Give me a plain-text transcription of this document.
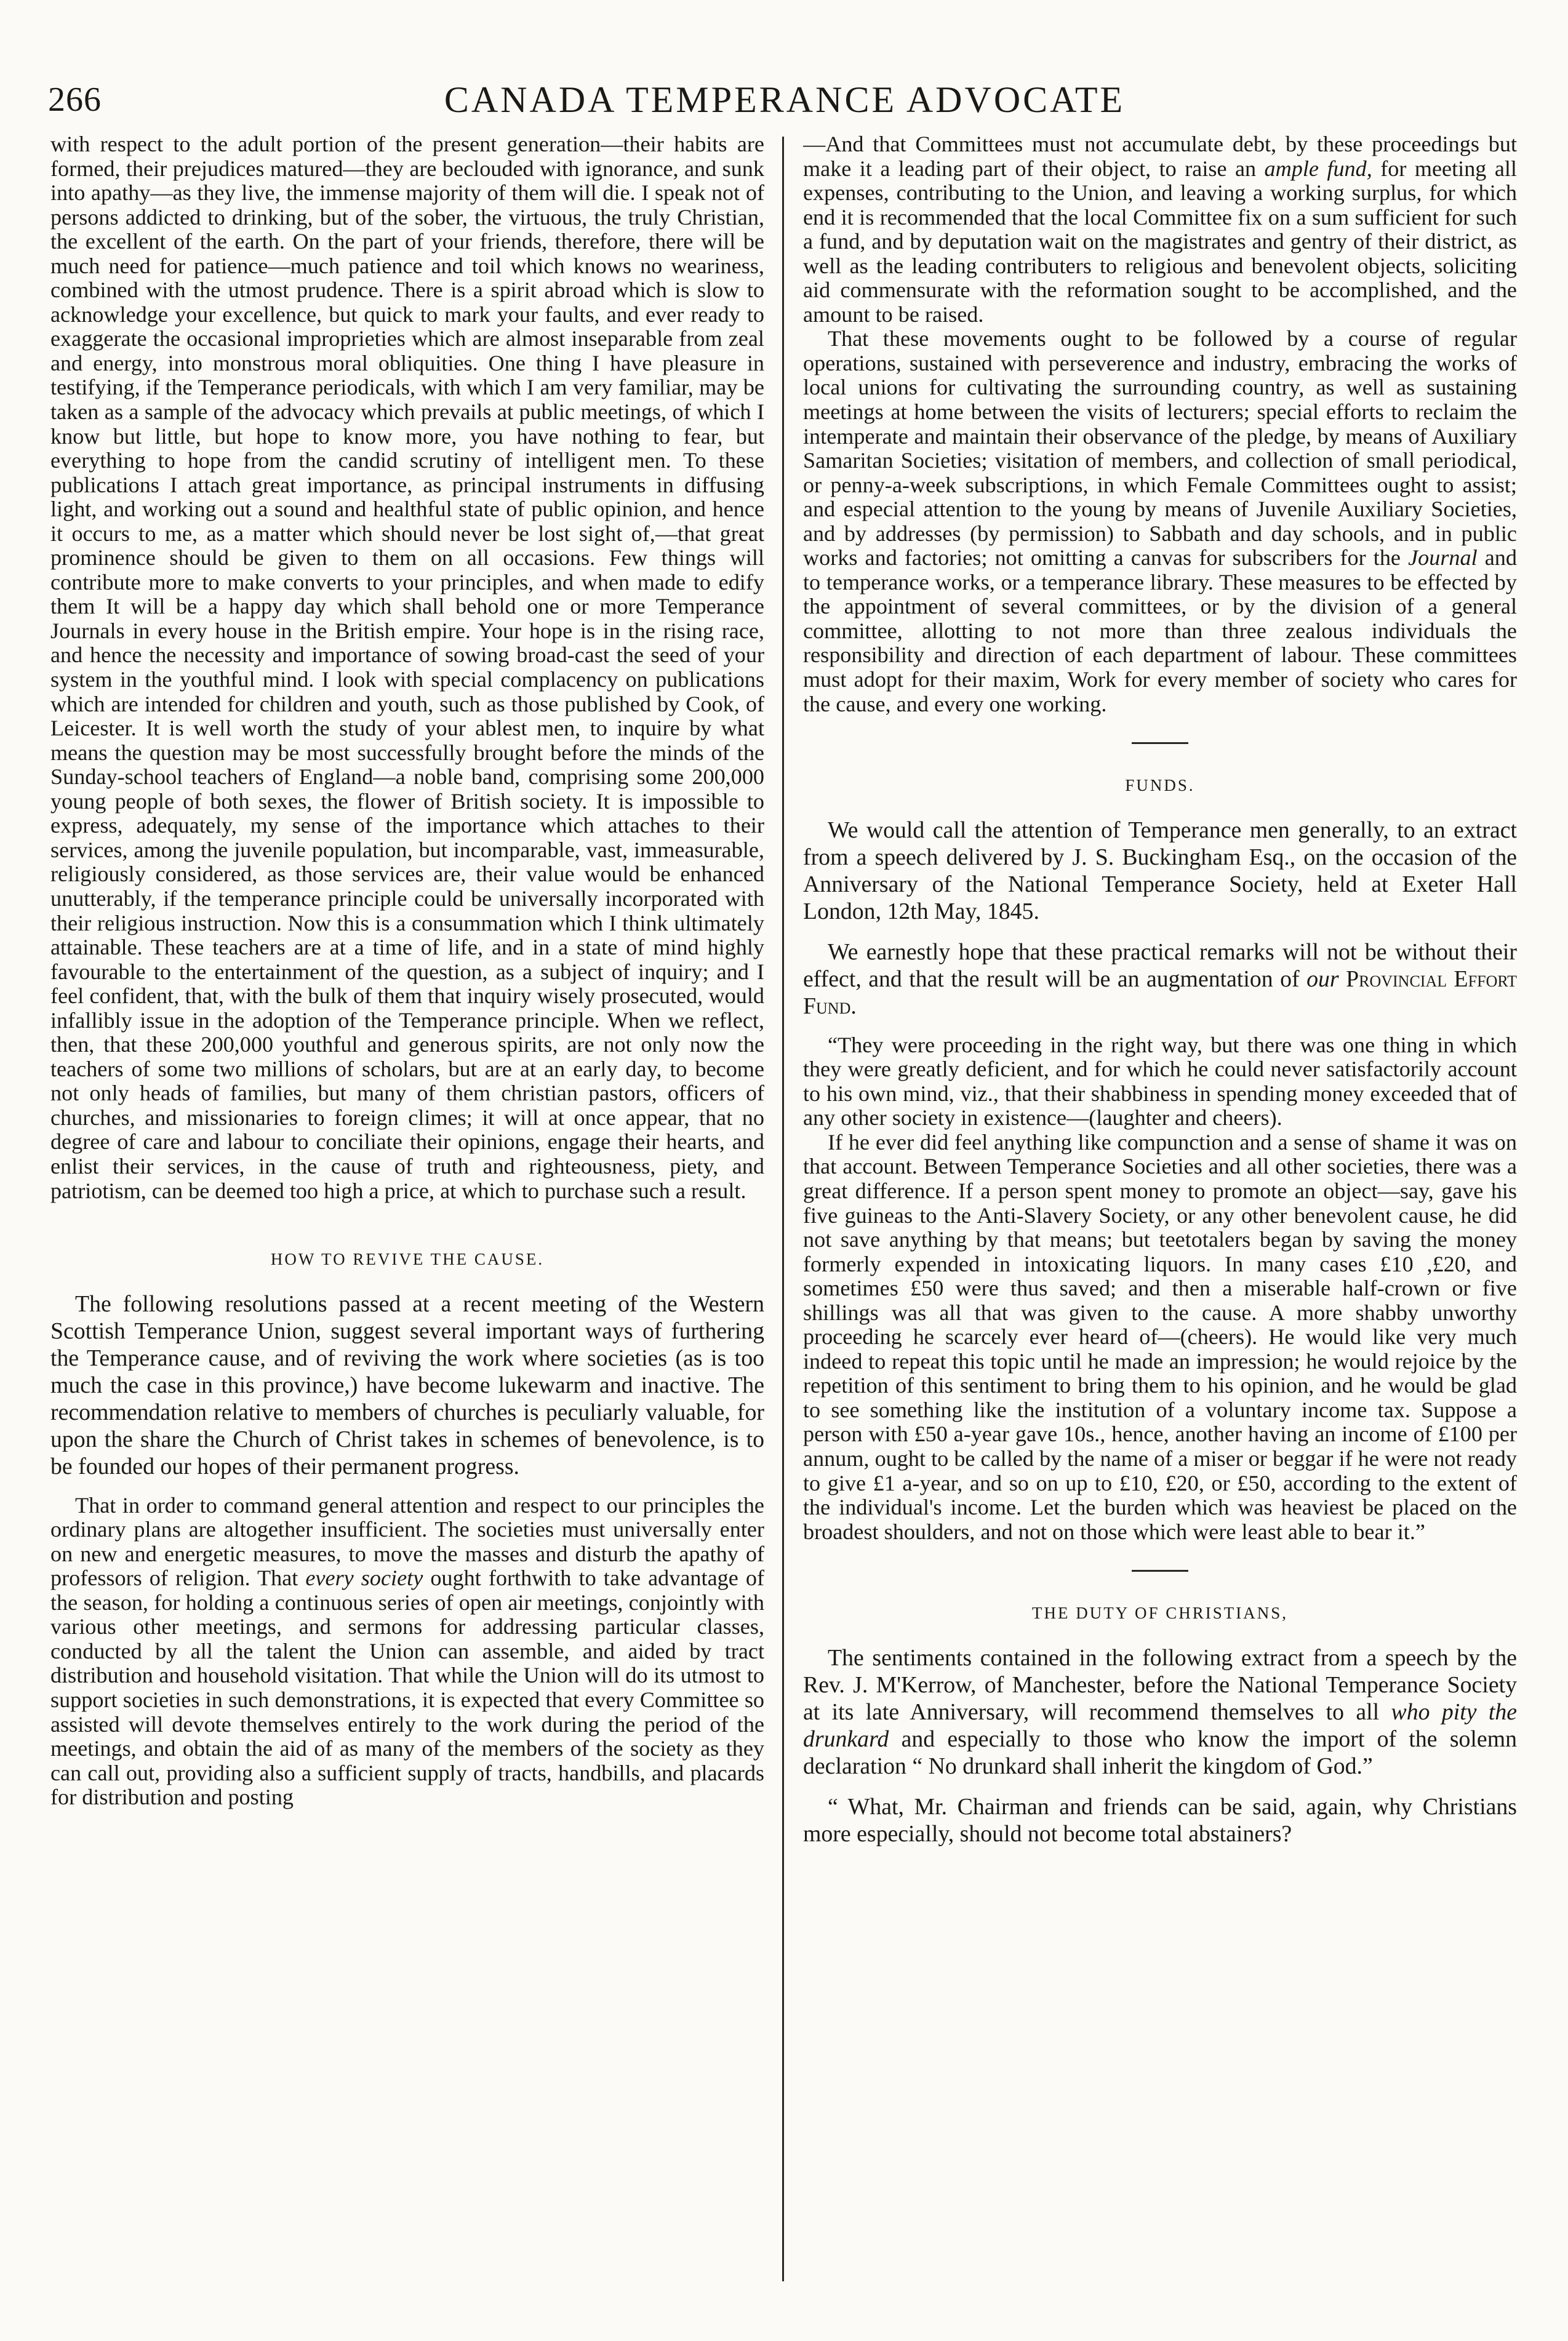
266	CANADA TEMPERANCE ADVOCATE

with respect to the adult portion of the present generation—their habits are formed, their prejudices matured—they are beclouded with ignorance, and sunk into apathy—as they live, the immense majority of them will die. I speak not of persons addicted to drinking, but of the sober, the virtuous, the truly Christian, the excellent of the earth. On the part of your friends, therefore, there will be much need for patience—much patience and toil which knows no weariness, combined with the utmost prudence. There is a spirit abroad which is slow to acknowledge your excellence, but quick to mark your faults, and ever ready to exaggerate the occasional improprieties which are almost inseparable from zeal and energy, into monstrous moral obliquities. One thing I have pleasure in testifying, if the Temperance periodicals, with which I am very familiar, may be taken as a sample of the advocacy which prevails at public meetings, of which I know but little, but hope to know more, you have nothing to fear, but everything to hope from the candid scrutiny of intelligent men. To these publications I attach great importance, as principal instruments in diffusing light, and working out a sound and healthful state of public opinion, and hence it occurs to me, as a matter which should never be lost sight of,—that great prominence should be given to them on all occasions. Few things will contribute more to make converts to your principles, and when made to edify them It will be a happy day which shall behold one or more Temperance Journals in every house in the British empire. Your hope is in the rising race, and hence the necessity and importance of sowing broad-cast the seed of your system in the youthful mind. I look with special complacency on publications which are intended for children and youth, such as those published by Cook, of Leicester. It is well worth the study of your ablest men, to inquire by what means the question may be most successfully brought before the minds of the Sunday-school teachers of England—a noble band, comprising some 200,000 young people of both sexes, the flower of British society. It is impossible to express, adequately, my sense of the importance which attaches to their services, among the juvenile population, but incomparable, vast, immeasurable, religiously considered, as those services are, their value would be enhanced unutterably, if the temperance principle could be universally incorporated with their religious instruction. Now this is a consummation which I think ultimately attainable. These teachers are at a time of life, and in a state of mind highly favourable to the entertainment of the question, as a subject of inquiry; and I feel confident, that, with the bulk of them that inquiry wisely prosecuted, would infallibly issue in the adoption of the Temperance principle. When we reflect, then, that these 200,000 youthful and generous spirits, are not only now the teachers of some two millions of scholars, but are at an early day, to become not only heads of families, but many of them christian pastors, officers of churches, and missionaries to foreign climes; it will at once appear, that no degree of care and labour to conciliate their opinions, engage their hearts, and enlist their services, in the cause of truth and righteousness, piety, and patriotism, can be deemed too high a price, at which to purchase such a result.

HOW TO REVIVE THE CAUSE.

The following resolutions passed at a recent meeting of the Western Scottish Temperance Union, suggest several important ways of furthering the Temperance cause, and of reviving the work where societies (as is too much the case in this province,) have become lukewarm and inactive. The recommendation relative to members of churches is peculiarly valuable, for upon the share the Church of Christ takes in schemes of benevolence, is to be founded our hopes of their permanent progress.

That in order to command general attention and respect to our principles the ordinary plans are altogether insufficient. The societies must universally enter on new and energetic measures, to move the masses and disturb the apathy of professors of religion. That every society ought forthwith to take advantage of the season, for holding a continuous series of open air meetings, conjointly with various other meetings, and sermons for addressing particular classes, conducted by all the talent the Union can assemble, and aided by tract distribution and household visitation. That while the Union will do its utmost to support societies in such demonstrations, it is expected that every Committee so assisted will devote themselves entirely to the work during the period of the meetings, and obtain the aid of as many of the members of the society as they can call out, providing also a sufficient supply of tracts, handbills, and placards for distribution and posting

—And that Committees must not accumulate debt, by these proceedings but make it a leading part of their object, to raise an ample fund, for meeting all expenses, contributing to the Union, and leaving a working surplus, for which end it is recommended that the local Committee fix on a sum sufficient for such a fund, and by deputation wait on the magistrates and gentry of their district, as well as the leading contributers to religious and benevolent objects, soliciting aid commensurate with the reformation sought to be accomplished, and the amount to be raised.

That these movements ought to be followed by a course of regular operations, sustained with perseverence and industry, embracing the works of local unions for cultivating the surrounding country, as well as sustaining meetings at home between the visits of lecturers; special efforts to reclaim the intemperate and maintain their observance of the pledge, by means of Auxiliary Samaritan Societies; visitation of members, and collection of small periodical, or penny-a-week subscriptions, in which Female Committees ought to assist; and especial attention to the young by means of Juvenile Auxiliary Societies, and by addresses (by permission) to Sabbath and day schools, and in public works and factories; not omitting a canvas for subscribers for the Journal and to temperance works, or a temperance library. These measures to be effected by the appointment of several committees, or by the division of a general committee, allotting to not more than three zealous individuals the responsibility and direction of each department of labour. These committees must adopt for their maxim, Work for every member of society who cares for the cause, and every one working.

FUNDS.

We would call the attention of Temperance men generally, to an extract from a speech delivered by J. S. Buckingham Esq., on the occasion of the Anniversary of the National Temperance Society, held at Exeter Hall London, 12th May, 1845.

We earnestly hope that these practical remarks will not be without their effect, and that the result will be an augmentation of our Provincial Effort Fund.

“They were proceeding in the right way, but there was one thing in which they were greatly deficient, and for which he could never satisfactorily account to his own mind, viz., that their shabbiness in spending money exceeded that of any other society in existence—(laughter and cheers).

If he ever did feel anything like compunction and a sense of shame it was on that account. Between Temperance Societies and all other societies, there was a great difference. If a person spent money to promote an object—say, gave his five guineas to the Anti-Slavery Society, or any other benevolent cause, he did not save anything by that means; but teetotalers began by saving the money formerly expended in intoxicating liquors. In many cases £10 ,£20, and sometimes £50 were thus saved; and then a miserable half-crown or five shillings was all that was given to the cause. A more shabby unworthy proceeding he scarcely ever heard of—(cheers). He would like very much indeed to repeat this topic until he made an impression; he would rejoice by the repetition of this sentiment to bring them to his opinion, and he would be glad to see something like the institution of a voluntary income tax. Suppose a person with £50 a-year gave 10s., hence, another having an income of £100 per annum, ought to be called by the name of a miser or beggar if he were not ready to give £1 a-year, and so on up to £10, £20, or £50, according to the extent of the individual's income. Let the burden which was heaviest be placed on the broadest shoulders, and not on those which were least able to bear it.”

THE DUTY OF CHRISTIANS,

The sentiments contained in the following extract from a speech by the Rev. J. M'Kerrow, of Manchester, before the National Temperance Society at its late Anniversary, will recommend themselves to all who pity the drunkard and especially to those who know the import of the solemn declaration “ No drunkard shall inherit the kingdom of God.”

“ What, Mr. Chairman and friends can be said, again, why Christians more especially, should not become total abstainers?
